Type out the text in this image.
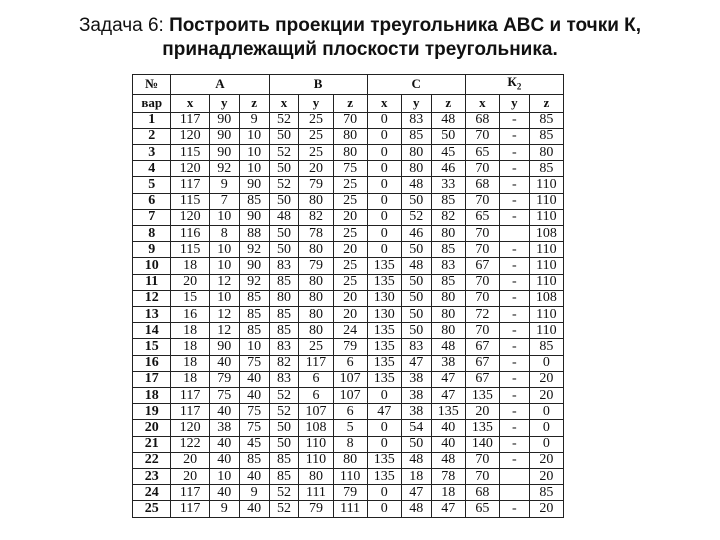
Задача 6: Построить проекции треугольника ABC и точки К,
принадлежащий плоскости треугольника.
№	A			B			C			$К_2$
вар	x	y	z	x	y	z	x	y	z	x	y	z
1	117	90	9	52	25	70	0	83	48	68	-	85
2	120	90	10	50	25	80	0	85	50	70	-	85
3	115	90	10	52	25	80	0	80	45	65	-	80
4	120	92	10	50	20	75	0	80	46	70	-	85
5	117	9	90	52	79	25	0	48	33	68	-	110
6	115	7	85	50	80	25	0	50	85	70	-	110
7	120	10	90	48	82	20	0	52	82	65	-	110
8	116	8	88	50	78	25	0	46	80	70		108
9	115	10	92	50	80	20	0	50	85	70	-	110
10	18	10	90	83	79	25	135	48	83	67	-	110
11	20	12	92	85	80	25	135	50	85	70	-	110
12	15	10	85	80	80	20	130	50	80	70	-	108
13	16	12	85	85	80	20	130	50	80	72	-	110
14	18	12	85	85	80	24	135	50	80	70	-	110
15	18	90	10	83	25	79	135	83	48	67	-	85
16	18	40	75	82	117	6	135	47	38	67	-	0
17	18	79	40	83	6	107	135	38	47	67	-	20
18	117	75	40	52	6	107	0	38	47	135	-	20
19	117	40	75	52	107	6	47	38	135	20	-	0
20	120	38	75	50	108	5	0	54	40	135	-	0
21	122	40	45	50	110	8	0	50	40	140	-	0
22	20	40	85	85	110	80	135	48	48	70	-	20
23	20	10	40	85	80	110	135	18	78	70		20
24	117	40	9	52	111	79	0	47	18	68		85
25	117	9	40	52	79	111	0	48	47	65	-	20
